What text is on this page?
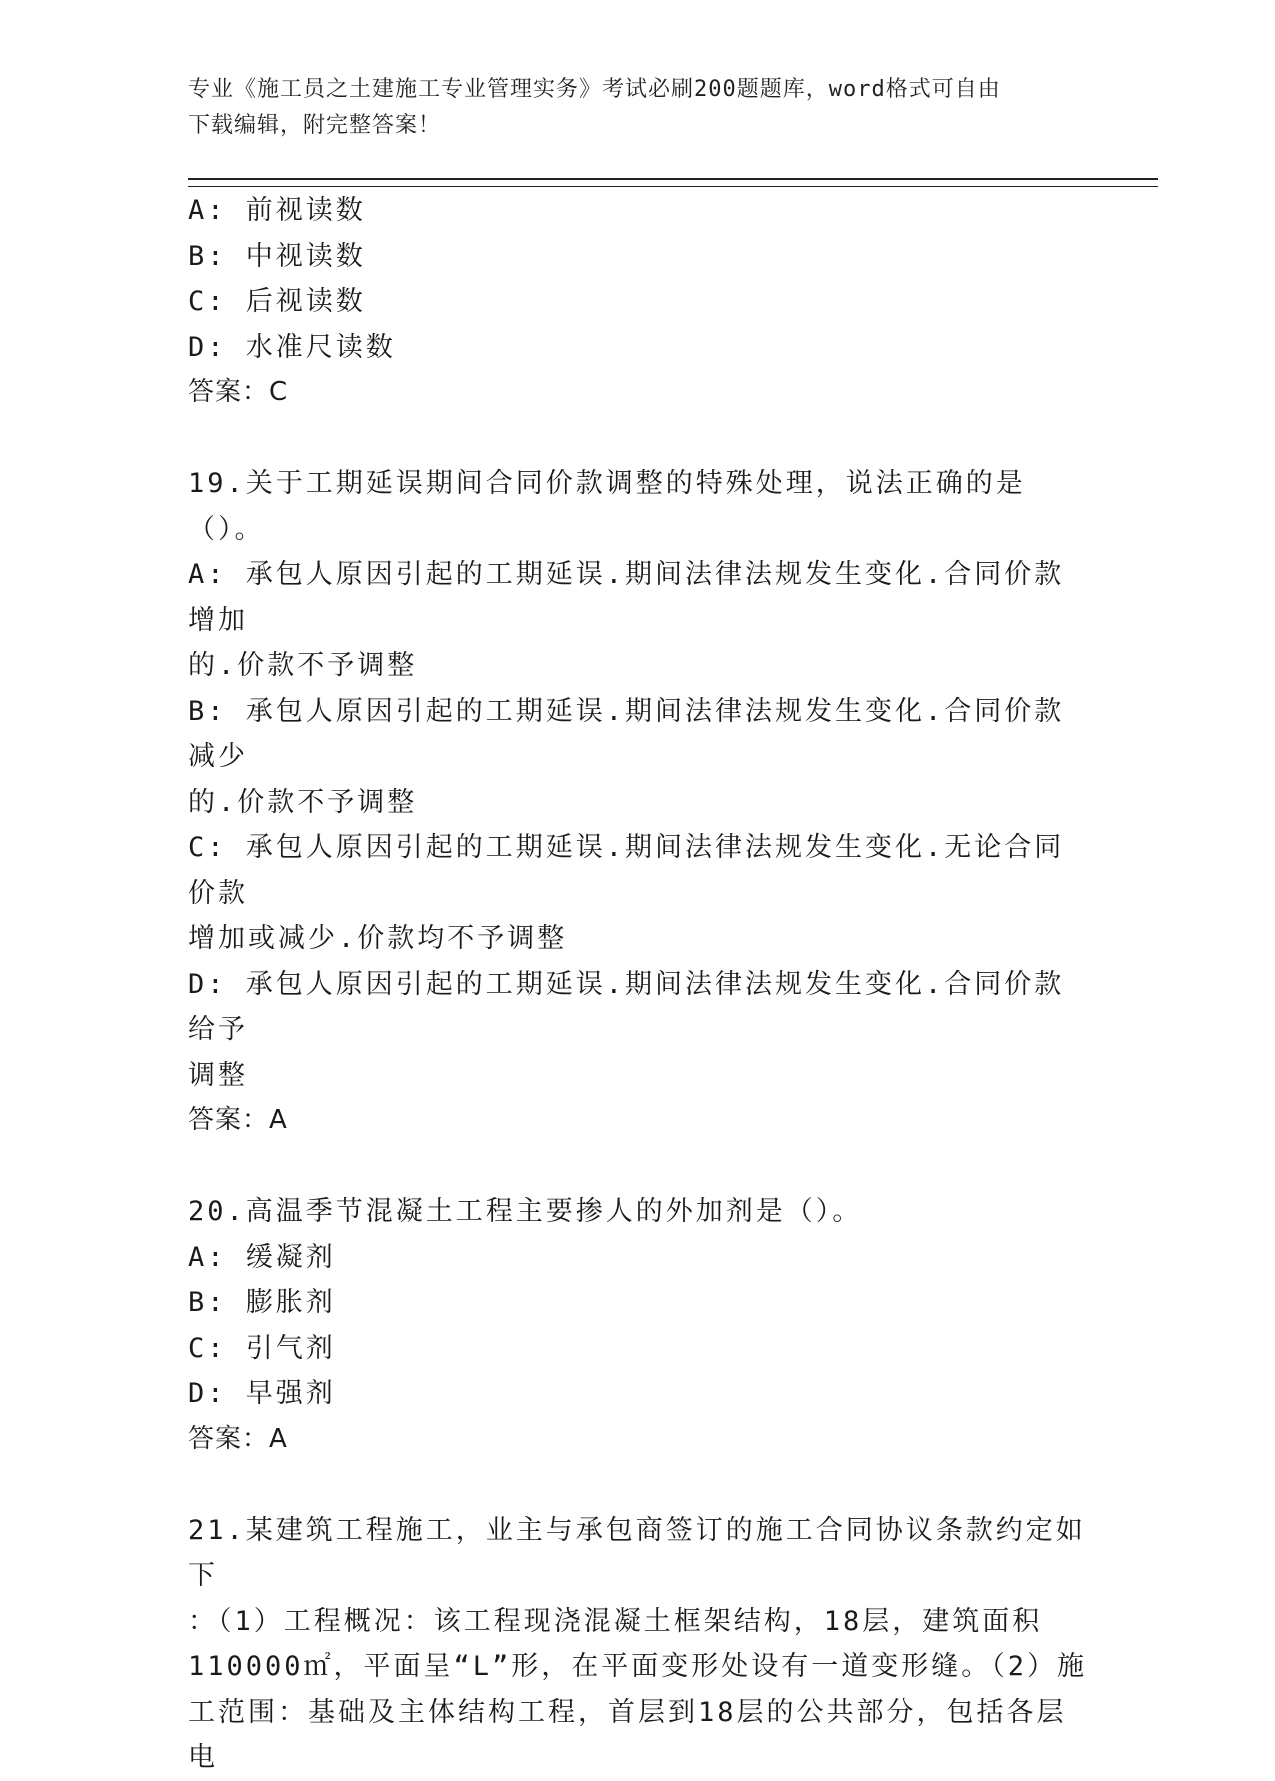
专业《施工员之土建施工专业管理实务》考试必刷200题题库，word格式可自由
下载编辑，附完整答案！

A: 前视读数

B: 中视读数

C: 后视读数

D: 水准尺读数

答案：C

19.关于工期延误期间合同价款调整的特殊处理，说法正确的是（）。

A: 承包人原因引起的工期延误.期间法律法规发生变化.合同价款增加

的.价款不予调整

B: 承包人原因引起的工期延误.期间法律法规发生变化.合同价款减少

的.价款不予调整

C: 承包人原因引起的工期延误.期间法律法规发生变化.无论合同价款

增加或减少.价款均不予调整

D: 承包人原因引起的工期延误.期间法律法规发生变化.合同价款给予

调整

答案：A

20.高温季节混凝土工程主要掺人的外加剂是（）。

A: 缓凝剂

B: 膨胀剂

C: 引气剂

D: 早强剂

答案：A

21.某建筑工程施工，业主与承包商签订的施工合同协议条款约定如下

：（1）工程概况：该工程现浇混凝土框架结构，18层，建筑面积

110000㎡，平面呈“L”形，在平面变形处设有一道变形缝。（2）施

工范围：基础及主体结构工程，首层到18层的公共部分，包括各层电
